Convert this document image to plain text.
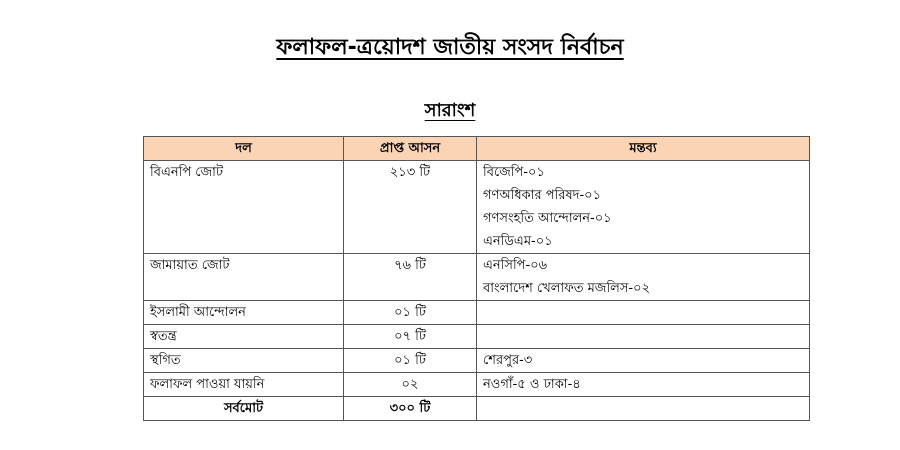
ফলাফল-ত্রয়োদশ জাতীয় সংসদ নির্বাচন
সারাংশ
দল	প্রাপ্ত আসন	মন্তব্য
বিএনপি জোট	২১৩ টি	বিজেপি-০১
গণঅধিকার পরিষদ-০১
গণসংহতি আন্দোলন-০১
এনডিএম-০১

জামায়াত জোট	৭৬ টি	এনসিপি-০৬
বাংলাদেশ খেলাফত মজলিস-০২

ইসলামী আন্দোলন	০১ টি	
স্বতন্ত্র	০৭ টি	
স্থগিত	০১ টি	শেরপুর-৩

ফলাফল পাওয়া যায়নি	০২	নওগাঁ-৫ ও ঢাকা-৪

সর্বমোট	৩০০ টি	
